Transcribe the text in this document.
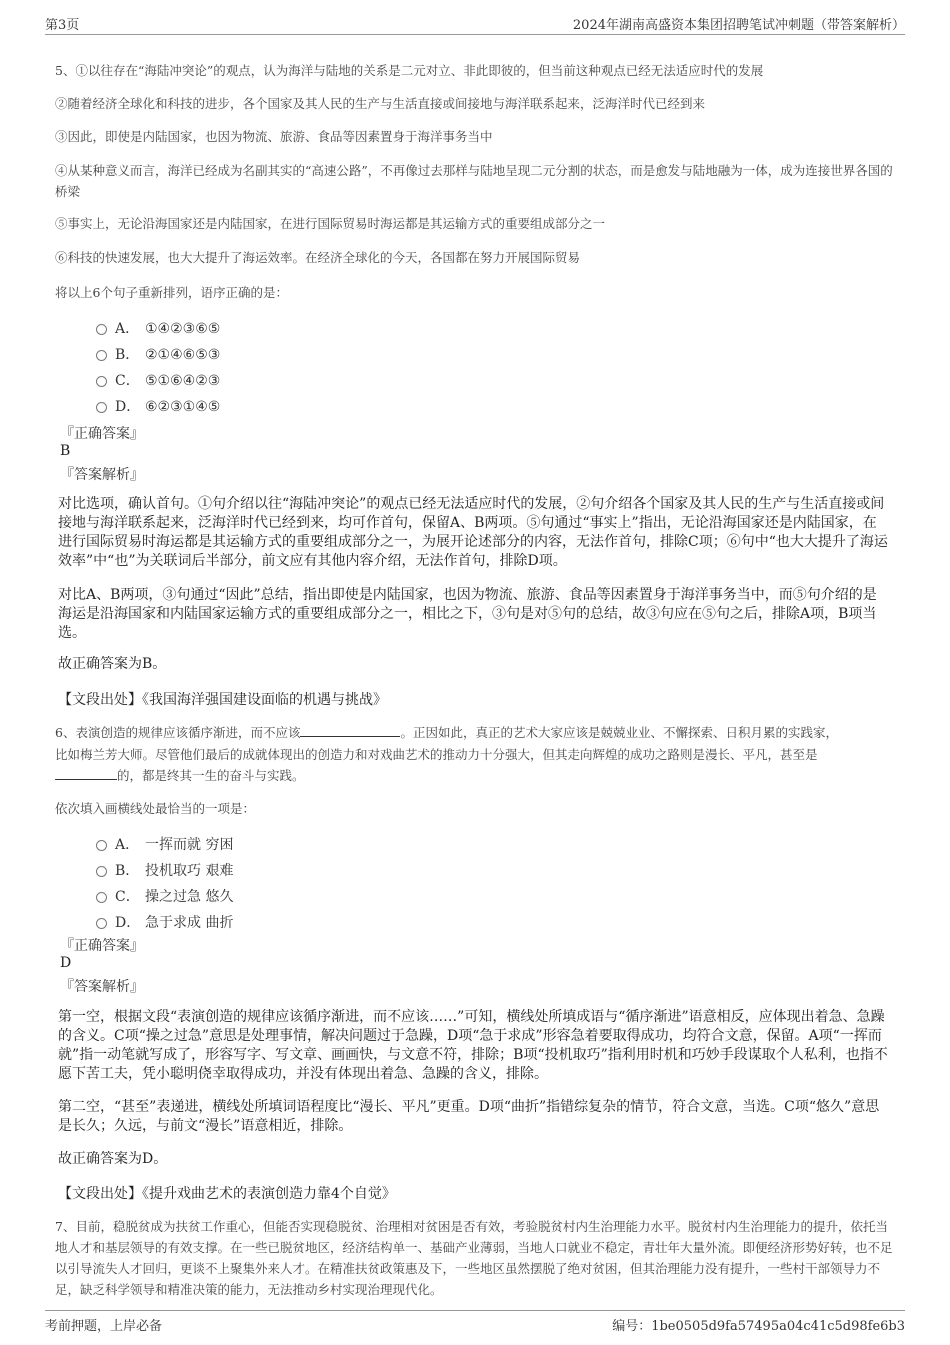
第3页	2024年湖南高盛资本集团招聘笔试冲刺题（带答案解析）
5、①以往存在“海陆冲突论”的观点，认为海洋与陆地的关系是二元对立、非此即彼的，但当前这种观点已经无法适应时代的发展
②随着经济全球化和科技的进步，各个国家及其人民的生产与生活直接或间接地与海洋联系起来，泛海洋时代已经到来
③因此，即使是内陆国家，也因为物流、旅游、食品等因素置身于海洋事务当中
④从某种意义而言，海洋已经成为名副其实的“高速公路”，不再像过去那样与陆地呈现二元分割的状态，而是愈发与陆地融为一体，成为连接世界各国的桥梁
⑤事实上，无论沿海国家还是内陆国家，在进行国际贸易时海运都是其运输方式的重要组成部分之一
⑥科技的快速发展，也大大提升了海运效率。在经济全球化的今天，各国都在努力开展国际贸易
将以上6个句子重新排列，语序正确的是：
A． ①④②③⑥⑤
B． ②①④⑥⑤③
C． ⑤①⑥④②③
D． ⑥②③①④⑤
『正确答案』
B
『答案解析』
对比选项，确认首句。①句介绍以往“海陆冲突论”的观点已经无法适应时代的发展，②句介绍各个国家及其人民的生产与生活直接或间接地与海洋联系起来，泛海洋时代已经到来，均可作首句，保留A、B两项。⑤句通过“事实上”指出，无论沿海国家还是内陆国家，在进行国际贸易时海运都是其运输方式的重要组成部分之一，为展开论述部分的内容，无法作首句，排除C项；⑥句中“也大大提升了海运效率”中“也”为关联词后半部分，前文应有其他内容介绍，无法作首句，排除D项。
对比A、B两项，③句通过“因此”总结，指出即使是内陆国家，也因为物流、旅游、食品等因素置身于海洋事务当中，而⑤句介绍的是海运是沿海国家和内陆国家运输方式的重要组成部分之一，相比之下，③句是对⑤句的总结，故③句应在⑤句之后，排除A项，B项当选。
故正确答案为B。
【文段出处】《我国海洋强国建设面临的机遇与挑战》
6、表演创造的规律应该循序渐进，而不应该	。正因如此，真正的艺术大家应该是兢兢业业、不懈探索、日积月累的实践家，
比如梅兰芳大师。尽管他们最后的成就体现出的创造力和对戏曲艺术的推动力十分强大，但其走向辉煌的成功之路则是漫长、平凡，甚至是
的，都是终其一生的奋斗与实践。
依次填入画横线处最恰当的一项是：
A． 一挥而就 穷困
B． 投机取巧 艰难
C． 操之过急 悠久
D． 急于求成 曲折
『正确答案』
D
『答案解析』
第一空，根据文段“表演创造的规律应该循序渐进，而不应该……”可知，横线处所填成语与“循序渐进”语意相反，应体现出着急、急躁的含义。C项“操之过急”意思是处理事情，解决问题过于急躁，D项“急于求成”形容急着要取得成功，均符合文意，保留。A项“一挥而就”指一动笔就写成了，形容写字、写文章、画画快，与文意不符，排除；B项“投机取巧”指利用时机和巧妙手段谋取个人私利，也指不愿下苦工夫，凭小聪明侥幸取得成功，并没有体现出着急、急躁的含义，排除。
第二空，“甚至”表递进，横线处所填词语程度比“漫长、平凡”更重。D项“曲折”指错综复杂的情节，符合文意，当选。C项“悠久”意思是长久；久远，与前文“漫长”语意相近，排除。
故正确答案为D。
【文段出处】《提升戏曲艺术的表演创造力靠4个自觉》
7、目前，稳脱贫成为扶贫工作重心，但能否实现稳脱贫、治理相对贫困是否有效，考验脱贫村内生治理能力水平。脱贫村内生治理能力的提升，依托当地人才和基层领导的有效支撑。在一些已脱贫地区，经济结构单一、基础产业薄弱，当地人口就业不稳定，青壮年大量外流。即便经济形势好转，也不足以引导流失人才回归，更谈不上聚集外来人才。在精准扶贫政策惠及下，一些地区虽然摆脱了绝对贫困，但其治理能力没有提升，一些村干部领导力不足，缺乏科学领导和精准决策的能力，无法推动乡村实现治理现代化。
考前押题，上岸必备	编号：1be0505d9fa57495a04c41c5d98fe6b3
